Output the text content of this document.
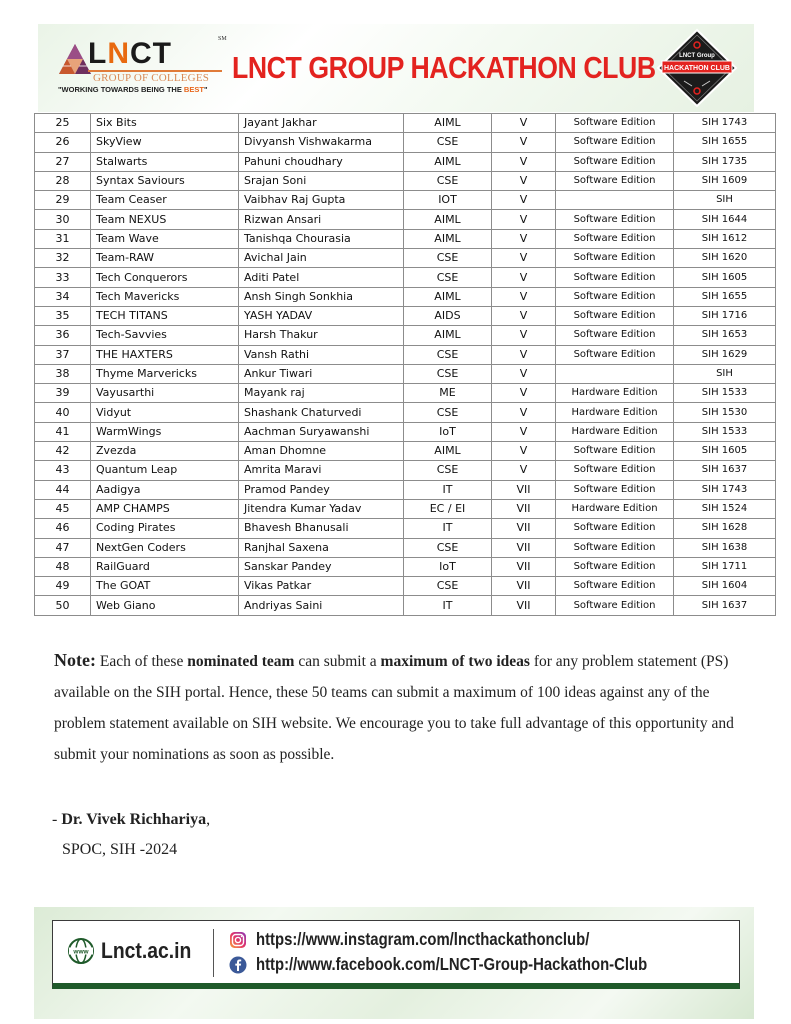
LNCT	SM
GROUP OF COLLEGES
"WORKING TOWARDS BEING THE BEST"
LNCT GROUP HACKATHON CLUB	LNCT Group
HACKATHON CLUB
25	Six Bits	Jayant Jakhar	AIML	V	Software Edition	SIH 1743
26	SkyView	Divyansh Vishwakarma	CSE	V	Software Edition	SIH 1655
27	Stalwarts	Pahuni choudhary	AIML	V	Software Edition	SIH 1735
28	Syntax Saviours	Srajan Soni	CSE	V	Software Edition	SIH 1609
29	Team Ceaser	Vaibhav Raj Gupta	IOT	V		SIH
30	Team NEXUS	Rizwan Ansari	AIML	V	Software Edition	SIH 1644
31	Team Wave	Tanishqa Chourasia	AIML	V	Software Edition	SIH 1612
32	Team-RAW	Avichal Jain	CSE	V	Software Edition	SIH 1620
33	Tech Conquerors	Aditi Patel	CSE	V	Software Edition	SIH 1605
34	Tech Mavericks	Ansh Singh Sonkhia	AIML	V	Software Edition	SIH 1655
35	TECH TITANS	YASH YADAV	AIDS	V	Software Edition	SIH 1716
36	Tech-Savvies	Harsh Thakur	AIML	V	Software Edition	SIH 1653
37	THE HAXTERS	Vansh Rathi	CSE	V	Software Edition	SIH 1629
38	Thyme Marvericks	Ankur Tiwari	CSE	V		SIH
39	Vayusarthi	Mayank raj	ME	V	Hardware Edition	SIH 1533
40	Vidyut	Shashank Chaturvedi	CSE	V	Hardware Edition	SIH 1530
41	WarmWings	Aachman Suryawanshi	IoT	V	Hardware Edition	SIH 1533
42	Zvezda	Aman Dhomne	AIML	V	Software Edition	SIH 1605
43	Quantum Leap	Amrita Maravi	CSE	V	Software Edition	SIH 1637
44	Aadigya	Pramod Pandey	IT	VII	Software Edition	SIH 1743
45	AMP CHAMPS	Jitendra Kumar Yadav	EC / EI	VII	Hardware Edition	SIH 1524
46	Coding Pirates	Bhavesh Bhanusali	IT	VII	Software Edition	SIH 1628
47	NextGen Coders	Ranjhal Saxena	CSE	VII	Software Edition	SIH 1638
48	RailGuard	Sanskar Pandey	IoT	VII	Software Edition	SIH 1711
49	The GOAT	Vikas Patkar	CSE	VII	Software Edition	SIH 1604
50	Web Giano	Andriyas Saini	IT	VII	Software Edition	SIH 1637
Note: Each of these nominated team can submit a maximum of two ideas for any problem statement (PS) available on the SIH portal. Hence, these 50 teams can submit a maximum of 100 ideas against any of the problem statement available on SIH website. We encourage you to take full advantage of this opportunity and submit your nominations as soon as possible.
- Dr. Vivek Richhariya,
SPOC, SIH -2024
www Lnct.ac.in	https://www.instagram.com/lncthackathonclub/
http://www.facebook.com/LNCT-Group-Hackathon-Club
